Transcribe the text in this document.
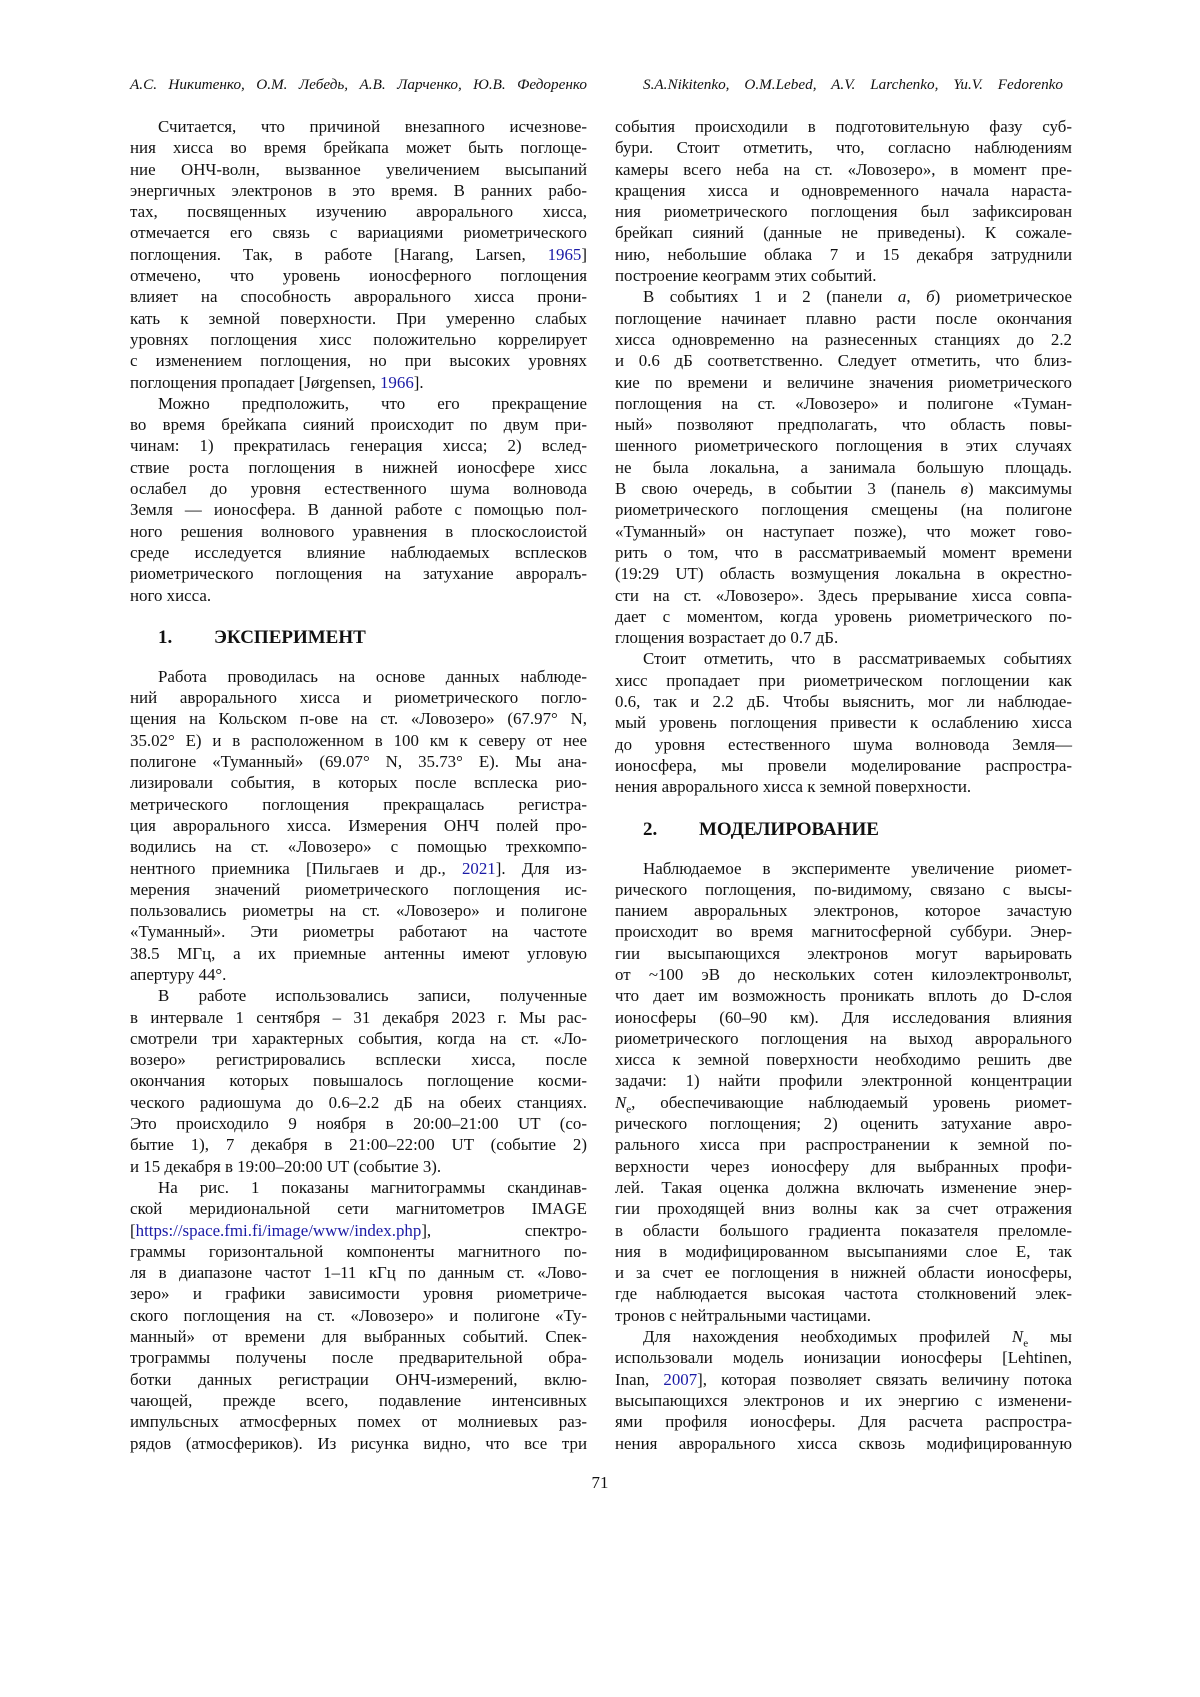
А.С. Никитенко, О.М. Лебедь, А.В. Ларченко, Ю.В. Федоренко	S.A.Nikitenko, O.M.Lebed, A.V. Larchenko, Yu.V. Fedorenko
Считается, что причиной внезапного исчезнове-
ния хисса во время брейкапа может быть поглоще-
ние ОНЧ-волн, вызванное увеличением высыпаний
энергичных электронов в это время. В ранних рабо-
тах, посвященных изучению аврорального хисса,
отмечается его связь с вариациями риометрического
поглощения. Так, в работе [Harang, Larsen, 1965]
отмечено, что уровень ионосферного поглощения
влияет на способность аврорального хисса прони-
кать к земной поверхности. При умеренно слабых
уровнях поглощения хисс положительно коррелирует
с изменением поглощения, но при высоких уровнях
поглощения пропадает [Jørgensen, 1966].
Можно предположить, что его прекращение
во время брейкапа сияний происходит по двум при-
чинам: 1) прекратилась генерация хисса; 2) вслед-
ствие роста поглощения в нижней ионосфере хисс
ослабел до уровня естественного шума волновода
Земля — ионосфера. В данной работе с помощью пол-
ного решения волнового уравнения в плоскослоистой
среде исследуется влияние наблюдаемых всплесков
риометрического поглощения на затухание авроралъ-
ного хисса.
1. ЭКСПЕРИМЕНТ
Работа проводилась на основе данных наблюде-
ний аврорального хисса и риометрического погло-
щения на Кольском п-ове на ст. «Ловозеро» (67.97° N,
35.02° E) и в расположенном в 100 км к северу от нее
полигоне «Туманный» (69.07° N, 35.73° E). Мы ана-
лизировали события, в которых после всплеска рио-
метрического поглощения прекращалась регистра-
ция аврорального хисса. Измерения ОНЧ полей про-
водились на ст. «Ловозеро» с помощью трехкомпо-
нентного приемника [Пильгаев и др., 2021]. Для из-
мерения значений риометрического поглощения ис-
пользовались риометры на ст. «Ловозеро» и полигоне
«Туманный». Эти риометры работают на частоте
38.5 МГц, а их приемные антенны имеют угловую
апертуру 44°.
В работе использовались записи, полученные
в интервале 1 сентября – 31 декабря 2023 г. Мы рас-
смотрели три характерных события, когда на ст. «Ло-
возеро» регистрировались всплески хисса, после
окончания которых повышалось поглощение косми-
ческого радиошума до 0.6–2.2 дБ на обеих станциях.
Это происходило 9 ноября в 20:00–21:00 UT (со-
бытие 1), 7 декабря в 21:00–22:00 UT (событие 2)
и 15 декабря в 19:00–20:00 UT (событие 3).
На рис. 1 показаны магнитограммы скандинав-
ской меридиональной сети магнитометров IMAGE
[https://space.fmi.fi/image/www/index.php], спектро-
граммы горизонтальной компоненты магнитного по-
ля в диапазоне частот 1–11 кГц по данным ст. «Лово-
зеро» и графики зависимости уровня риометриче-
ского поглощения на ст. «Ловозеро» и полигоне «Ту-
манный» от времени для выбранных событий. Спек-
трограммы получены после предварительной обра-
ботки данных регистрации ОНЧ-измерений, вклю-
чающей, прежде всего, подавление интенсивных
импульсных атмосферных помех от молниевых раз-
рядов (атмосфериков). Из рисунка видно, что все три
события происходили в подготовительную фазу суб-
бури. Стоит отметить, что, согласно наблюдениям
камеры всего неба на ст. «Ловозеро», в момент пре-
кращения хисса и одновременного начала нараста-
ния риометрического поглощения был зафиксирован
брейкап сияний (данные не приведены). К сожале-
нию, небольшие облака 7 и 15 декабря затруднили
построение кеограмм этих событий.
В событиях 1 и 2 (панели а, б) риометрическое
поглощение начинает плавно расти после окончания
хисса одновременно на разнесенных станциях до 2.2
и 0.6 дБ соответственно. Следует отметить, что близ-
кие по времени и величине значения риометрического
поглощения на ст. «Ловозеро» и полигоне «Туман-
ный» позволяют предполагать, что область повы-
шенного риометрического поглощения в этих случаях
не была локальна, а занимала большую площадь.
В свою очередь, в событии 3 (панель в) максимумы
риометрического поглощения смещены (на полигоне
«Туманный» он наступает позже), что может гово-
рить о том, что в рассматриваемый момент времени
(19:29 UT) область возмущения локальна в окрестно-
сти на ст. «Ловозеро». Здесь прерывание хисса совпа-
дает с моментом, когда уровень риометрического по-
глощения возрастает до 0.7 дБ.
Стоит отметить, что в рассматриваемых событиях
хисс пропадает при риометрическом поглощении как
0.6, так и 2.2 дБ. Чтобы выяснить, мог ли наблюдае-
мый уровень поглощения привести к ослаблению хисса
до уровня естественного шума волновода Земля—
ионосфера, мы провели моделирование распростра-
нения аврорального хисса к земной поверхности.
2. МОДЕЛИРОВАНИЕ
Наблюдаемое в эксперименте увеличение риомет-
рического поглощения, по-видимому, связано с высы-
панием авроральных электронов, которое зачастую
происходит во время магнитосферной суббури. Энер-
гии высыпающихся электронов могут варьировать
от ~100 эВ до нескольких сотен килоэлектронвольт,
что дает им возможность проникать вплоть до D-слоя
ионосферы (60–90 км). Для исследования влияния
риометрического поглощения на выход аврорального
хисса к земной поверхности необходимо решить две
задачи: 1) найти профили электронной концентрации
Ne, обеспечивающие наблюдаемый уровень риомет-
рического поглощения; 2) оценить затухание авро-
рального хисса при распространении к земной по-
верхности через ионосферу для выбранных профи-
лей. Такая оценка должна включать изменение энер-
гии проходящей вниз волны как за счет отражения
в области большого градиента показателя преломле-
ния в модифицированном высыпаниями слое Е, так
и за счет ее поглощения в нижней области ионосферы,
где наблюдается высокая частота столкновений элек-
тронов с нейтральными частицами.
Для нахождения необходимых профилей Ne мы
использовали модель ионизации ионосферы [Lehtinen,
Inan, 2007], которая позволяет связать величину потока
высыпающихся электронов и их энергию с изменени-
ями профиля ионосферы. Для расчета распростра-
нения аврорального хисса сквозь модифицированную
71
